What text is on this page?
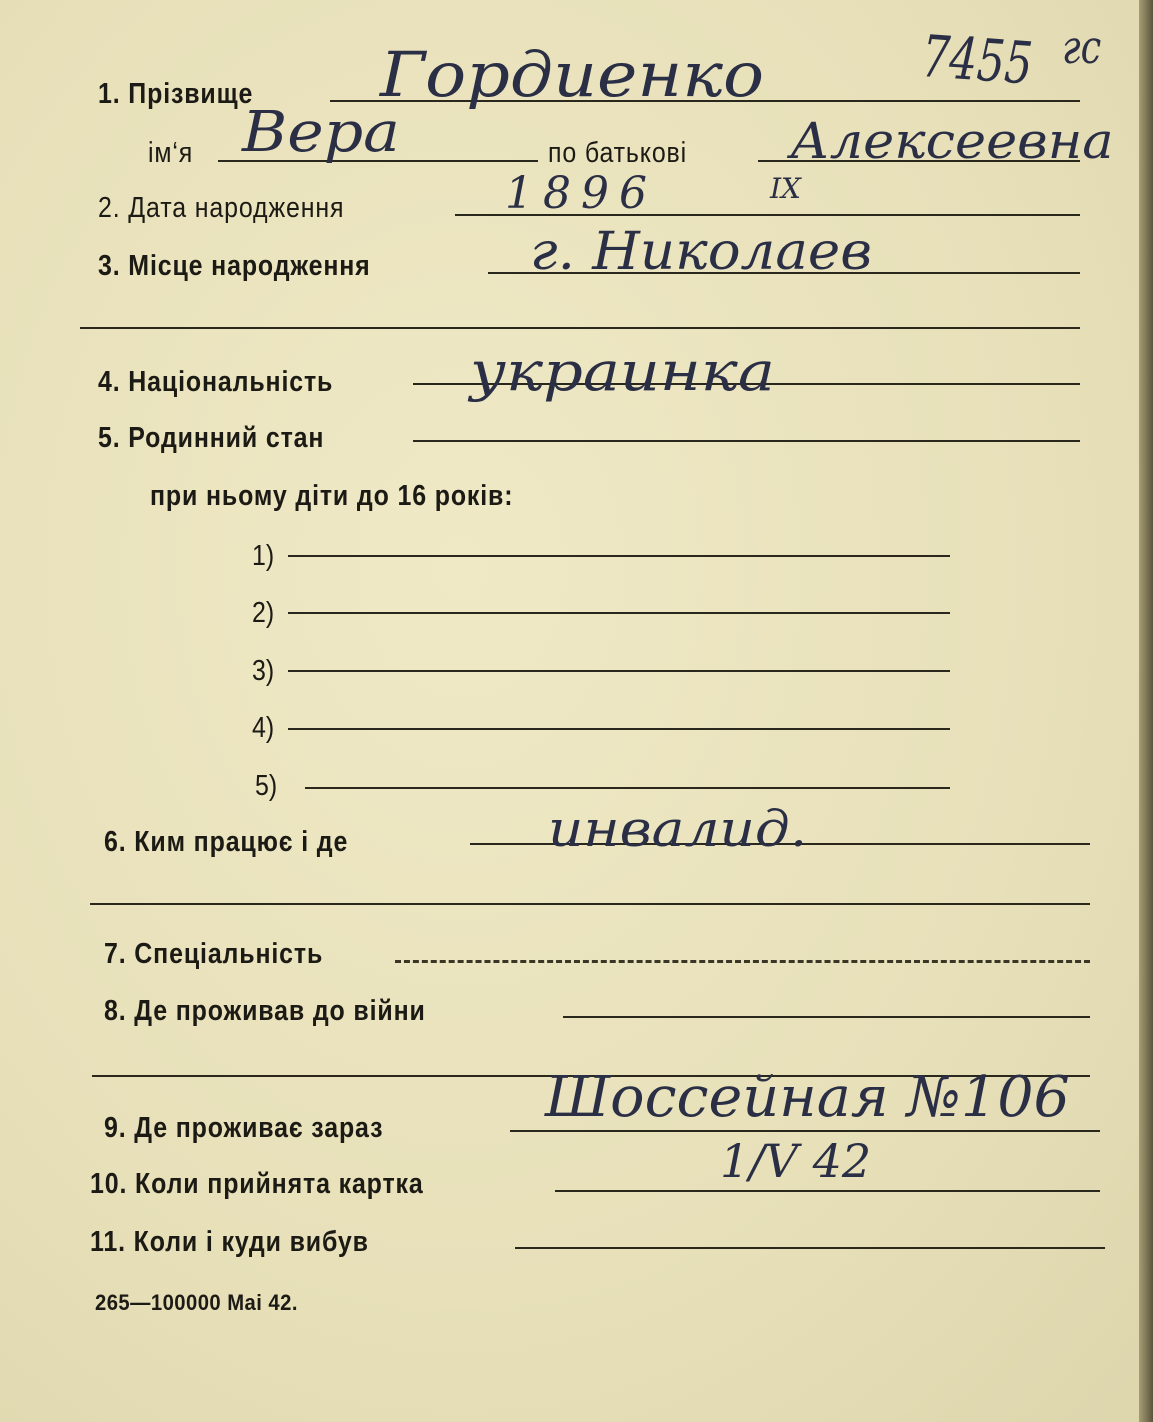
7455 гс
1. Прізвище Гордиенко
ім‘я Вера	по батькові Алексеевна
2. Дата народження	1896	IX
3. Місце народження	г. Николаев
4. Національність	украинка
5. Родинний стан
при ньому діти до 16 років:
1)
2)
3)
4)
5)
6. Ким працює і де	инвалид.
7. Спеціальність
8. Де проживав до війни
9. Де проживає зараз	Шоссейная №106
10. Коли прийнята картка	1/V 42
11. Коли і куди вибув
265—100000 Mai 42.
